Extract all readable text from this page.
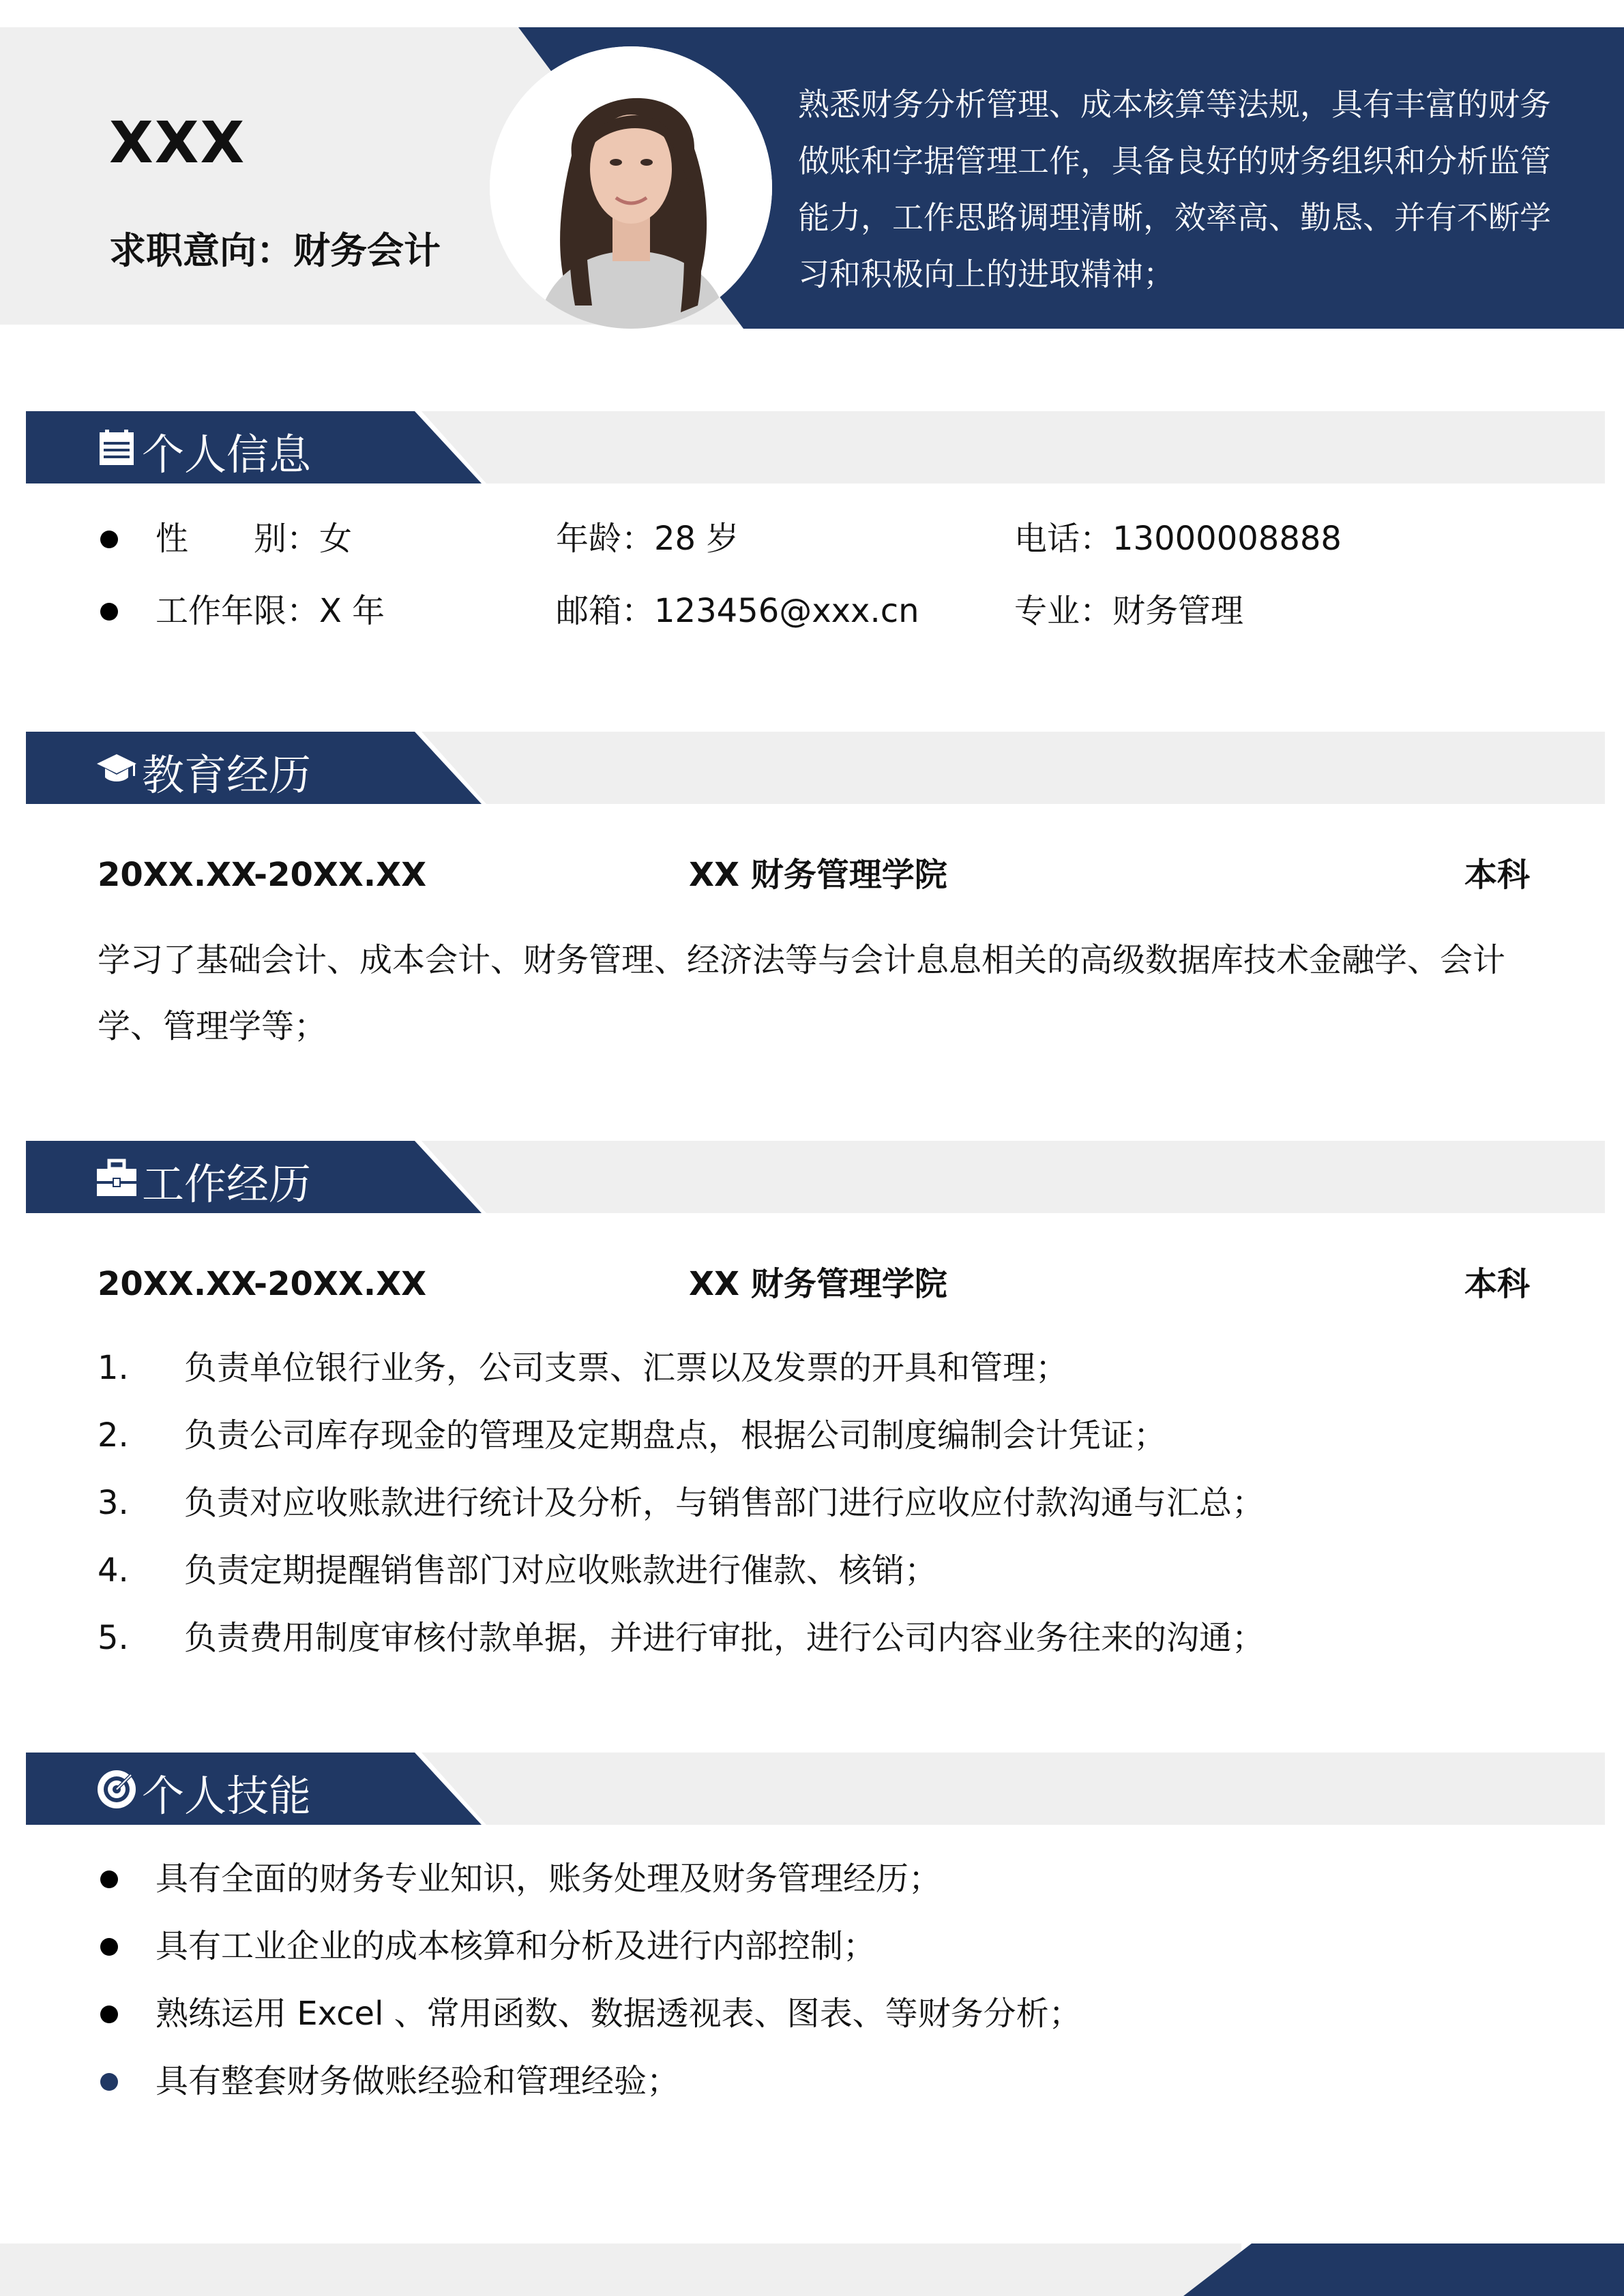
XXX
求职意向：财务会计
熟悉财务分析管理、成本核算等法规，具有丰富的财务做账和字据管理工作，具备良好的财务组织和分析监管能力，工作思路调理清晰，效率高、勤恳、并有不断学习和积极向上的进取精神；
个人信息
性　　别：女	年龄：28 岁	电话：13000008888
工作年限：X 年	邮箱：123456@xxx.cn	专业：财务管理
教育经历
20XX.XX-20XX.XX	XX 财务管理学院	本科
学习了基础会计、成本会计、财务管理、经济法等与会计息息相关的高级数据库技术金融学、会计学、管理学等；
工作经历
20XX.XX-20XX.XX	XX 财务管理学院	本科
1. 负责单位银行业务，公司支票、汇票以及发票的开具和管理；
2. 负责公司库存现金的管理及定期盘点，根据公司制度编制会计凭证；
3. 负责对应收账款进行统计及分析，与销售部门进行应收应付款沟通与汇总；
4. 负责定期提醒销售部门对应收账款进行催款、核销；
5. 负责费用制度审核付款单据，并进行审批，进行公司内容业务往来的沟通；
个人技能
具有全面的财务专业知识，账务处理及财务管理经历；
具有工业企业的成本核算和分析及进行内部控制；
熟练运用 Excel 、常用函数、数据透视表、图表、等财务分析；
具有整套财务做账经验和管理经验；
